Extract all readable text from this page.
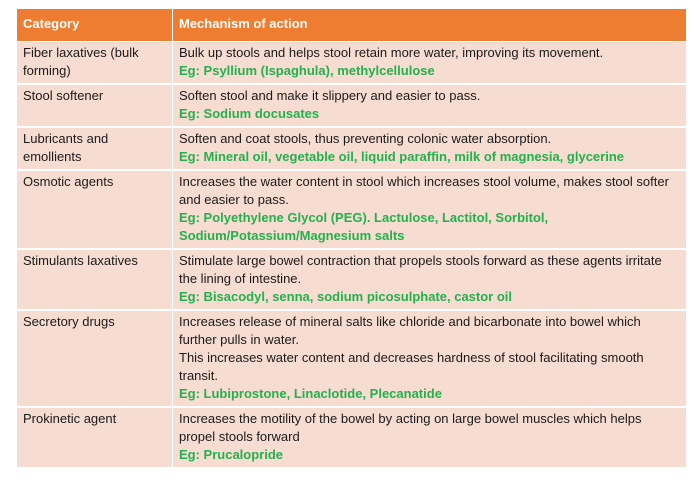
Category	Mechanism of action
Fiber laxatives (bulk forming)	Bulk up stools and helps stool retain more water, improving its movement.
Eg: Psyllium (Ispaghula), methylcellulose

Stool softener	Soften stool and make it slippery and easier to pass.
Eg: Sodium docusates

Lubricants and emollients	Soften and coat stools, thus preventing colonic water absorption.
Eg: Mineral oil, vegetable oil, liquid paraffin, milk of magnesia, glycerine

Osmotic agents	Increases the water content in stool which increases stool volume, makes stool softer and easier to pass.
Eg: Polyethylene Glycol (PEG). Lactulose, Lactitol, Sorbitol, Sodium/Potassium/Magnesium salts

Stimulants laxatives	Stimulate large bowel contraction that propels stools forward as these agents irritate the lining of intestine.
Eg: Bisacodyl, senna, sodium picosulphate, castor oil

Secretory drugs	Increases release of mineral salts like chloride and bicarbonate into bowel which further pulls in water.
This increases water content and decreases hardness of stool facilitating smooth transit.
Eg: Lubiprostone, Linaclotide, Plecanatide

Prokinetic agent	Increases the motility of the bowel by acting on large bowel muscles which helps propel stools forward
Eg: Prucalopride
